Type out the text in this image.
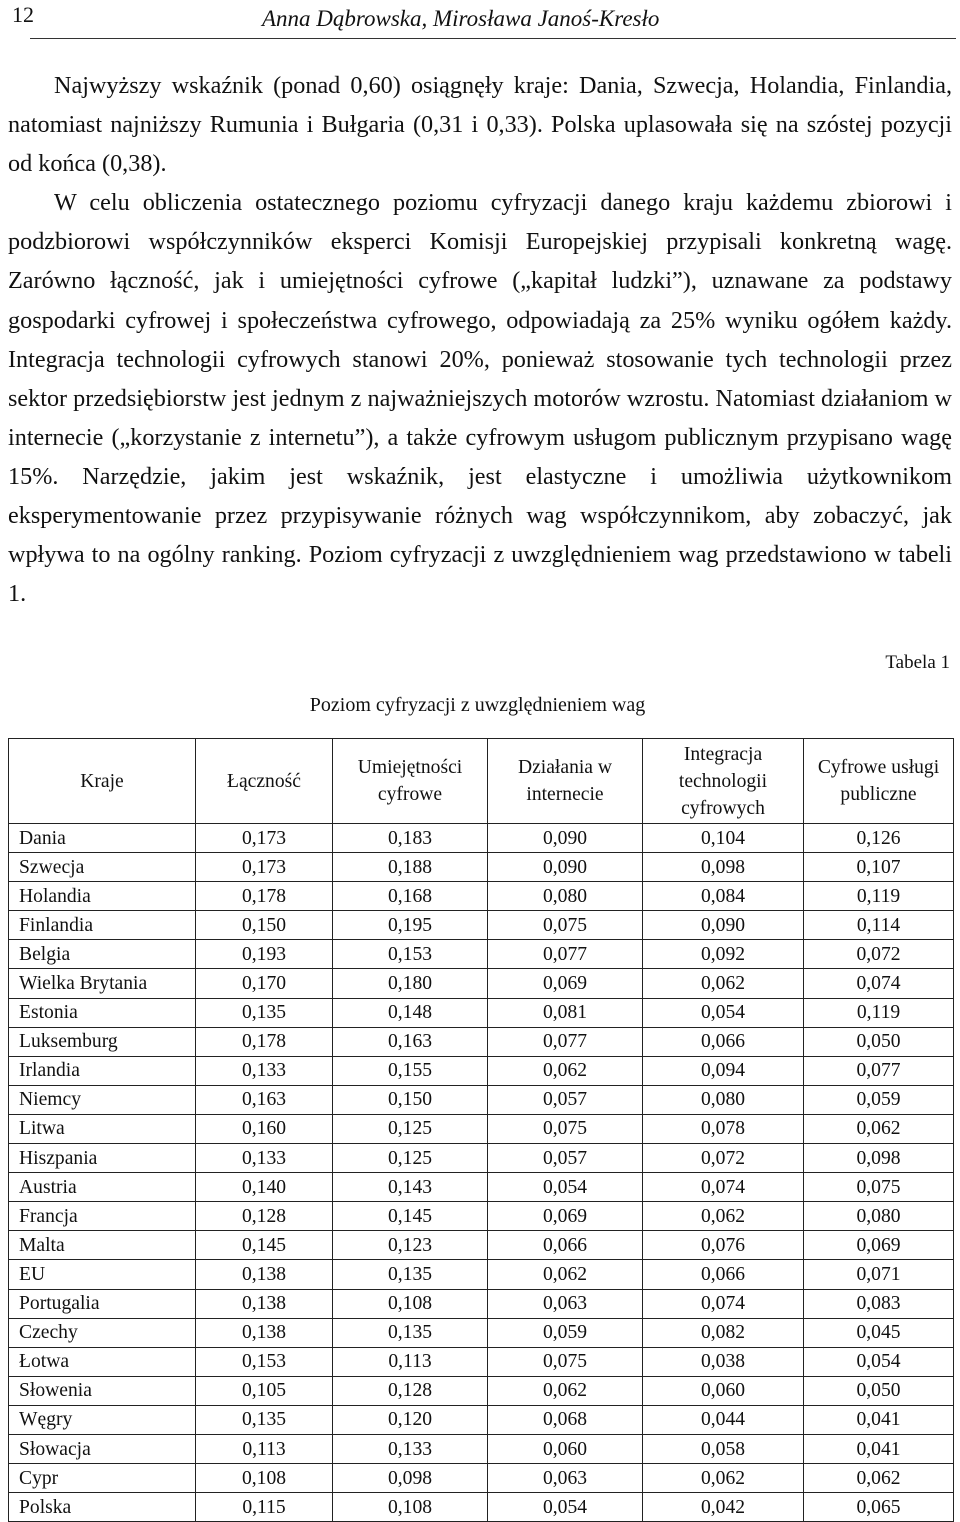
12	Anna Dąbrowska, Mirosława Janoś-Kresło

Najwyższy wskaźnik (ponad 0,60) osiągnęły kraje: Dania, Szwecja, Holandia, Finlandia, natomiast najniższy Rumunia i Bułgaria (0,31 i 0,33). Polska uplasowała się na szóstej pozycji od końca (0,38).

W celu obliczenia ostatecznego poziomu cyfryzacji danego kraju każdemu zbiorowi i podzbiorowi współczynników eksperci Komisji Europejskiej przypisali konkretną wagę. Zarówno łączność, jak i umiejętności cyfrowe („kapitał ludzki”), uznawane za podstawy gospodarki cyfrowej i społeczeństwa cyfrowego, odpowiadają za 25% wyniku ogółem każdy. Integracja technologii cyfrowych stanowi 20%, ponieważ stosowanie tych technologii przez sektor przedsiębiorstw jest jednym z najważniejszych motorów wzrostu. Natomiast działaniom w internecie („korzystanie z internetu”), a także cyfrowym usługom publicznym przypisano wagę 15%. Narzędzie, jakim jest wskaźnik, jest elastyczne i umożliwia użytkownikom eksperymentowanie przez przypisywanie różnych wag współczynnikom, aby zobaczyć, jak wpływa to na ogólny ranking. Poziom cyfryzacji z uwzględnieniem wag przedstawiono w tabeli 1.

Tabela 1
Poziom cyfryzacji z uwzględnieniem wag
Kraje	Łączność	Umiejętności cyfrowe	Działania w internecie	Integracja technologii cyfrowych	Cyfrowe usługi publiczne
Dania	0,173	0,183	0,090	0,104	0,126
Szwecja	0,173	0,188	0,090	0,098	0,107
Holandia	0,178	0,168	0,080	0,084	0,119
Finlandia	0,150	0,195	0,075	0,090	0,114
Belgia	0,193	0,153	0,077	0,092	0,072
Wielka Brytania	0,170	0,180	0,069	0,062	0,074
Estonia	0,135	0,148	0,081	0,054	0,119
Luksemburg	0,178	0,163	0,077	0,066	0,050
Irlandia	0,133	0,155	0,062	0,094	0,077
Niemcy	0,163	0,150	0,057	0,080	0,059
Litwa	0,160	0,125	0,075	0,078	0,062
Hiszpania	0,133	0,125	0,057	0,072	0,098
Austria	0,140	0,143	0,054	0,074	0,075
Francja	0,128	0,145	0,069	0,062	0,080
Malta	0,145	0,123	0,066	0,076	0,069
EU	0,138	0,135	0,062	0,066	0,071
Portugalia	0,138	0,108	0,063	0,074	0,083
Czechy	0,138	0,135	0,059	0,082	0,045
Łotwa	0,153	0,113	0,075	0,038	0,054
Słowenia	0,105	0,128	0,062	0,060	0,050
Węgry	0,135	0,120	0,068	0,044	0,041
Słowacja	0,113	0,133	0,060	0,058	0,041
Cypr	0,108	0,098	0,063	0,062	0,062
Polska	0,115	0,108	0,054	0,042	0,065
